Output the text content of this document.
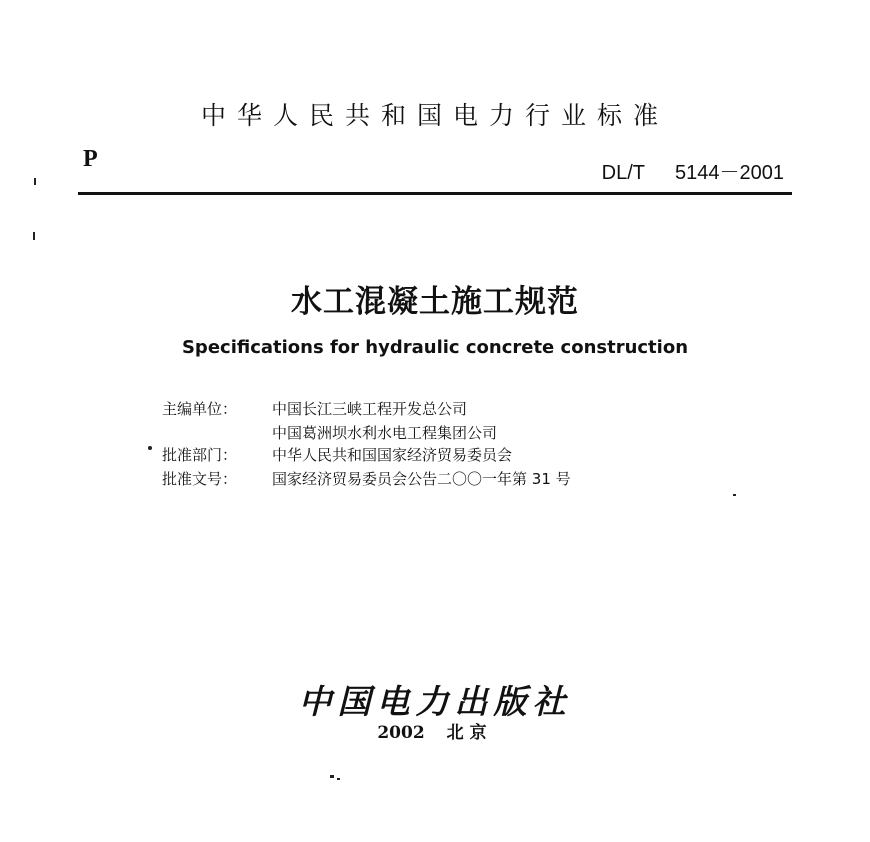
中华人民共和国电力行业标准
P
DL/T 5144－2001
水工混凝土施工规范
Specifications for hydraulic concrete construction
主编单位：	中国长江三峡工程开发总公司
中国葛洲坝水利水电工程集团公司
批准部门：	中华人民共和国国家经济贸易委员会
批准文号：	国家经济贸易委员会公告二〇〇一年第 31 号
中国电力出版社
2002 北京
